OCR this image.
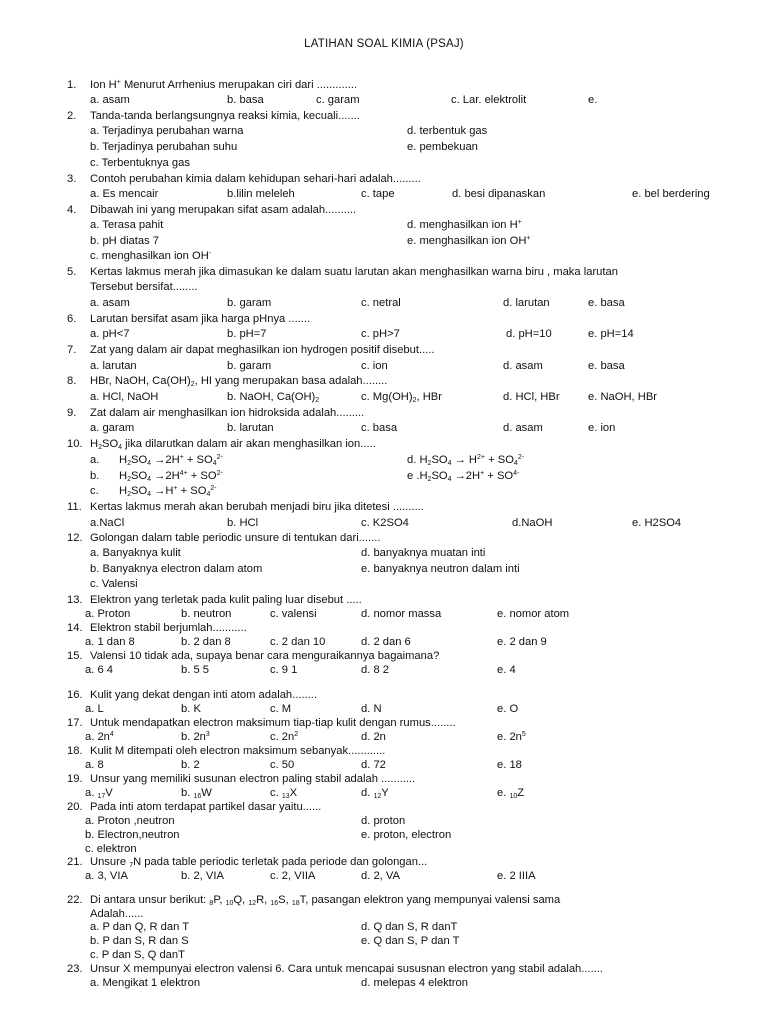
LATIHAN SOAL KIMIA (PSAJ)
1. Ion H+ Menurut Arrhenius merupakan ciri dari .............
a. asam	b. basa	c. garam	c. Lar. elektrolit	e.
2. Tanda-tanda berlangsungnya reaksi kimia, kecuali.......
a. Terjadinya perubahan warna	d. terbentuk gas
b. Terjadinya perubahan suhu	e. pembekuan
c. Terbentuknya gas
3. Contoh perubahan kimia dalam kehidupan sehari-hari adalah.........
a. Es mencair	b.lilin meleleh	c. tape	d. besi dipanaskan	e. bel berdering
4. Dibawah ini yang merupakan sifat asam adalah..........
a. Terasa pahit	d. menghasilkan ion H+
b. pH diatas 7	e. menghasilkan ion OH+
c. menghasilkan ion OH-
5. Kertas lakmus merah jika dimasukan ke dalam suatu larutan akan menghasilkan warna biru , maka larutan
Tersebut bersifat........
a. asam	b. garam	c. netral	d. larutan	e. basa
6. Larutan bersifat asam jika harga pHnya .......
a. pH<7	b. pH=7	c. pH>7	d. pH=10	e. pH=14
7. Zat yang dalam air dapat meghasilkan ion hydrogen positif disebut.....
a. larutan	b. garam	c. ion	d. asam	e. basa
8. HBr, NaOH, $Ca(OH)_2$, HI yang merupakan basa adalah........
a. HCl, NaOH	b. NaOH, $Ca(OH)_2$	c. $Mg(OH)_2$, HBr	d. HCl, HBr	e. NaOH, HBr
9. Zat dalam air menghasilkan ion hidroksida adalah.........
a. garam	b. larutan	c. basa	d. asam	e. ion
10. $H_2SO_4$ jika dilarutkan dalam air akan menghasilkan ion.....
a. $H_2SO_4 \to 2H^+ + SO_4^{2-}$	d. $H_2SO_4 \to H^{2+} + SO_4^{2-}$
b. $H_2SO_4 \to 2H^{4+} + SO^{2-}$	e $.H_2SO_4 \to 2H^+ + SO^{4-}$
c. $H_2SO_4 \to H^+ + SO_4^{2-}$
11. Kertas lakmus merah akan berubah menjadi biru jika ditetesi ..........
a.NaCl	b. HCl	c. K2SO4	d.NaOH	e. H2SO4
12. Golongan dalam table periodic unsure di tentukan dari.......
a. Banyaknya kulit	d. banyaknya muatan inti
b. Banyaknya electron dalam atom	e. banyaknya neutron dalam inti
c. Valensi
13. Elektron yang terletak pada kulit paling luar disebut .....
a. Proton	b. neutron	c. valensi	d. nomor massa	e. nomor atom
14. Elektron stabil berjumlah...........
a. 1 dan 8	b. 2 dan 8	c. 2 dan 10	d. 2 dan 6	e. 2 dan 9
15. Valensi 10 tidak ada, supaya benar cara menguraikannya bagaimana?
a. 6 4	b. 5 5	c. 9 1	d. 8 2	e. 4
16. Kulit yang dekat dengan inti atom adalah........
a. L	b. K	c. M	d. N	e. O
17. Untuk mendapatkan electron maksimum tiap-tiap kulit dengan rumus........
a. $2n^4$	b. $2n^3$	c. $2n^2$	d. 2n	e. $2n^5$
18. Kulit M ditempati oleh electron maksimum sebanyak............
a. 8	b. 2	c. 50	d. 72	e. 18
19. Unsur yang memiliki susunan electron paling stabil adalah ...........
a. $_{17}$V	b. $_{16}$W	c. $_{13}$X	d. $_{12}$Y	e. $_{10}$Z
20. Pada inti atom terdapat partikel dasar yaitu......
a. Proton ,neutron	d. proton
b. Electron,neutron	e. proton, electron
c. elektron
21. Unsure $_7$N pada table periodic terletak pada periode dan golongan...
a. 3, VIA	b. 2, VIA	c. 2, VIIA	d. 2, VA	e. 2 IIIA
22. Di antara unsur berikut: $_8$P, $_{10}$Q, $_{12}$R, $_{16}$S, $_{18}$T, pasangan elektron yang mempunyai valensi sama
Adalah......
a. P dan Q, R dan T	d. Q dan S, R danT
b. P dan S, R dan S	e. Q dan S, P dan T
c. P dan S, Q danT
23. Unsur X mempunyai electron valensi 6. Cara untuk mencapai sususnan electron yang stabil adalah.......
a. Mengikat 1 elektron	d. melepas 4 elektron
